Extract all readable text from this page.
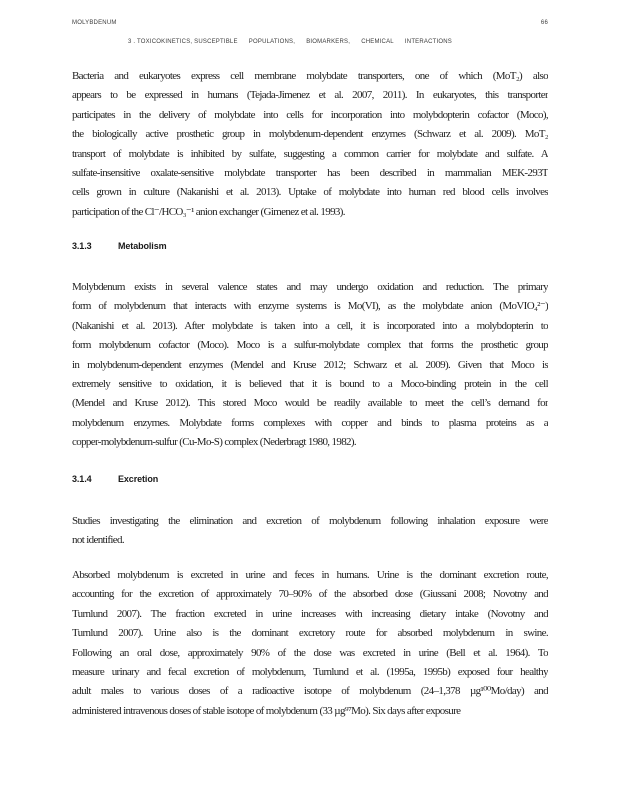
MOLYBDENUM	66
3 . TOXICOKINETICS, SUSCEPTIBLE POPULATIONS, BIOMARKERS, CHEMICAL INTERACTIONS
Bacteria and eukaryotes express cell membrane molybdate transporters, one of which (MoT₂) also
appears to be expressed in humans (Tejada-Jimenez et al. 2007, 2011). In eukaryotes, this transporter
participates in the delivery of molybdate into cells for incorporation into molybdopterin cofactor (Moco),
the biologically active prosthetic group in molybdenum-dependent enzymes (Schwarz et al. 2009). MoT₂
transport of molybdate is inhibited by sulfate, suggesting a common carrier for molybdate and sulfate. A
sulfate-insensitive oxalate-sensitive molybdate transporter has been described in mammalian MEK-293T
cells grown in culture (Nakanishi et al. 2013). Uptake of molybdate into human red blood cells involves
participation of the Cl⁻/HCO₃⁻¹ anion exchanger (Gimenez et al. 1993).
3.1.3	Metabolism
Molybdenum exists in several valence states and may undergo oxidation and reduction. The primary
form of molybdenum that interacts with enzyme systems is Mo(VI), as the molybdate anion (MoVIO₄²⁻)
(Nakanishi et al. 2013). After molybdate is taken into a cell, it is incorporated into a molybdopterin to
form molybdenum cofactor (Moco). Moco is a sulfur-molybdate complex that forms the prosthetic group
in molybdenum-dependent enzymes (Mendel and Kruse 2012; Schwarz et al. 2009). Given that Moco is
extremely sensitive to oxidation, it is believed that it is bound to a Moco-binding protein in the cell
(Mendel and Kruse 2012). This stored Moco would be readily available to meet the cell’s demand for
molybdenum enzymes. Molybdate forms complexes with copper and binds to plasma proteins as a
copper-molybdenum-sulfur (Cu-Mo-S) complex (Nederbragt 1980, 1982).
3.1.4	Excretion
Studies investigating the elimination and excretion of molybdenum following inhalation exposure were
not identified.
Absorbed molybdenum is excreted in urine and feces in humans. Urine is the dominant excretion route,
accounting for the excretion of approximately 70–90% of the absorbed dose (Giussani 2008; Novotny and
Turnlund 2007). The fraction excreted in urine increases with increasing dietary intake (Novotny and
Turnlund 2007). Urine also is the dominant excretory route for absorbed molybdenum in swine.
Following an oral dose, approximately 90% of the dose was excreted in urine (Bell et al. 1964). To
measure urinary and fecal excretion of molybdenum, Turnlund et al. (1995a, 1995b) exposed four healthy
adult males to various doses of a radioactive isotope of molybdenum (24–1,378 µg¹⁰⁰Mo/day) and
administered intravenous doses of stable isotope of molybdenum (33 µg⁹⁷Mo). Six days after exposure
